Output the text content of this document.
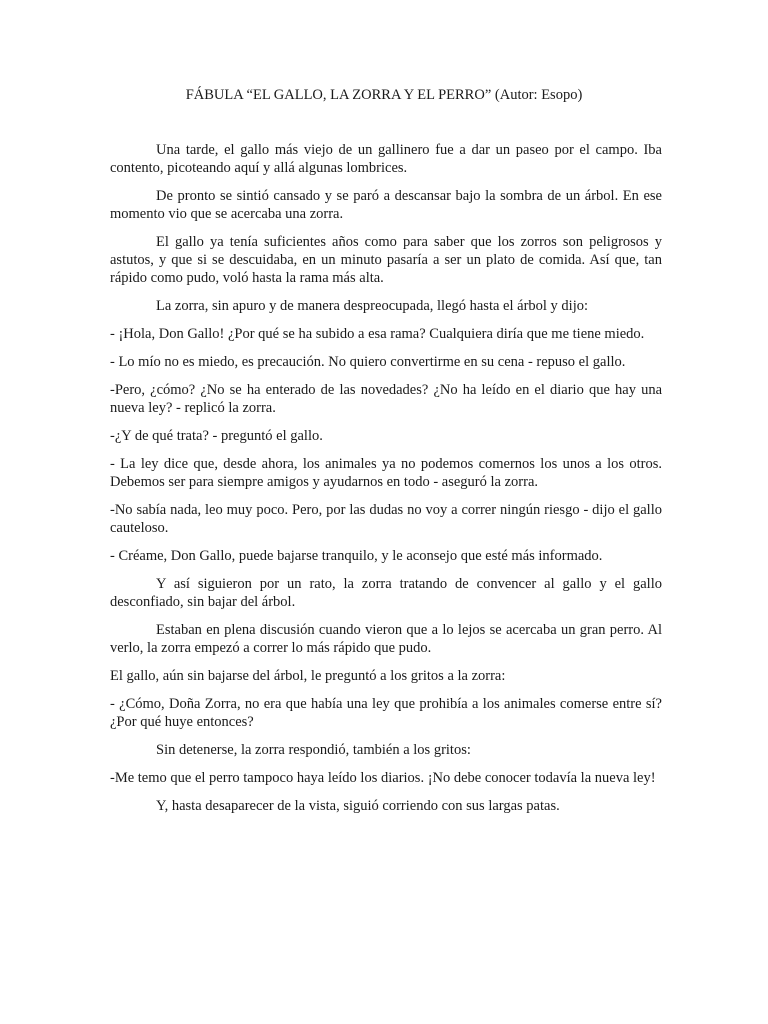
FÁBULA “EL GALLO, LA ZORRA Y EL PERRO” (Autor: Esopo)

Una tarde, el gallo más viejo de un gallinero fue a dar un paseo por el campo. Iba contento, picoteando aquí y allá algunas lombrices.

De pronto se sintió cansado y se paró a descansar bajo la sombra de un árbol. En ese momento vio que se acercaba una zorra.

El gallo ya tenía suficientes años como para saber que los zorros son peligrosos y astutos, y que si se descuidaba, en un minuto pasaría a ser un plato de comida. Así que, tan rápido como pudo, voló hasta la rama más alta.

La zorra, sin apuro y de manera despreocupada, llegó hasta el árbol y dijo:

- ¡Hola, Don Gallo! ¿Por qué se ha subido a esa rama? Cualquiera diría que me tiene miedo.

- Lo mío no es miedo, es precaución. No quiero convertirme en su cena - repuso el gallo.

-Pero, ¿cómo? ¿No se ha enterado de las novedades? ¿No ha leído en el diario que hay una nueva ley? - replicó la zorra.

-¿Y de qué trata? - preguntó el gallo.

- La ley dice que, desde ahora, los animales ya no podemos comernos los unos a los otros. Debemos ser para siempre amigos y ayudarnos en todo - aseguró la zorra.

-No sabía nada, leo muy poco. Pero, por las dudas no voy a correr ningún riesgo - dijo el gallo cauteloso.

- Créame, Don Gallo, puede bajarse tranquilo, y le aconsejo que esté más informado.

Y así siguieron por un rato, la zorra tratando de convencer al gallo y el gallo desconfiado, sin bajar del árbol.

Estaban en plena discusión cuando vieron que a lo lejos se acercaba un gran perro. Al verlo, la zorra empezó a correr lo más rápido que pudo.

El gallo, aún sin bajarse del árbol, le preguntó a los gritos a la zorra:

- ¿Cómo, Doña Zorra, no era que había una ley que prohibía a los animales comerse entre sí? ¿Por qué huye entonces?

Sin detenerse, la zorra respondió, también a los gritos:

-Me temo que el perro tampoco haya leído los diarios. ¡No debe conocer todavía la nueva ley!

Y, hasta desaparecer de la vista, siguió corriendo con sus largas patas.
